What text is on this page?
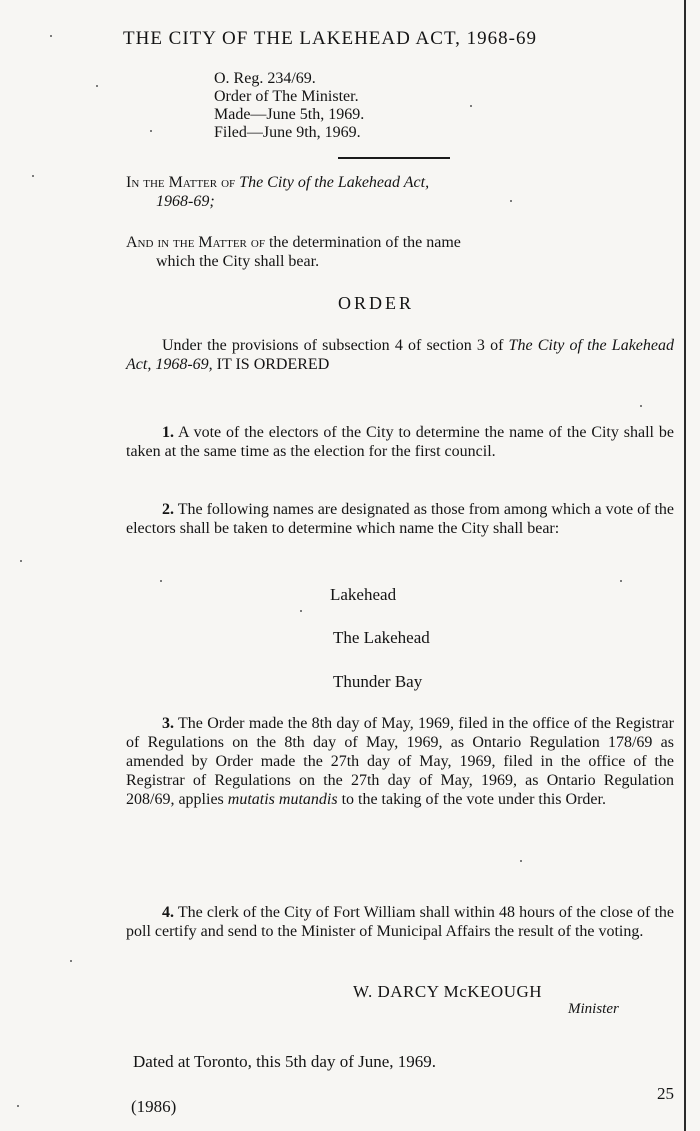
THE CITY OF THE LAKEHEAD ACT, 1968-69
O. Reg. 234/69.
Order of The Minister.
Made—June 5th, 1969.
Filed—June 9th, 1969.
In the Matter of The City of the Lakehead Act,
1968-69;
And in the Matter of the determination of the name
which the City shall bear.
ORDER
Under the provisions of subsection 4 of section 3 of The City of the Lakehead Act, 1968-69, IT IS ORDERED
1. A vote of the electors of the City to determine the name of the City shall be taken at the same time as the election for the first council.
2. The following names are designated as those from among which a vote of the electors shall be taken to determine which name the City shall bear:
Lakehead
The Lakehead
Thunder Bay
3. The Order made the 8th day of May, 1969, filed in the office of the Registrar of Regulations on the 8th day of May, 1969, as Ontario Regulation 178/69 as amended by Order made the 27th day of May, 1969, filed in the office of the Registrar of Regulations on the 27th day of May, 1969, as Ontario Regulation 208/69, applies mutatis mutandis to the taking of the vote under this Order.
4. The clerk of the City of Fort William shall within 48 hours of the close of the poll certify and send to the Minister of Municipal Affairs the result of the voting.
W. DARCY McKEOUGH
Minister
Dated at Toronto, this 5th day of June, 1969.
(1986)
25
